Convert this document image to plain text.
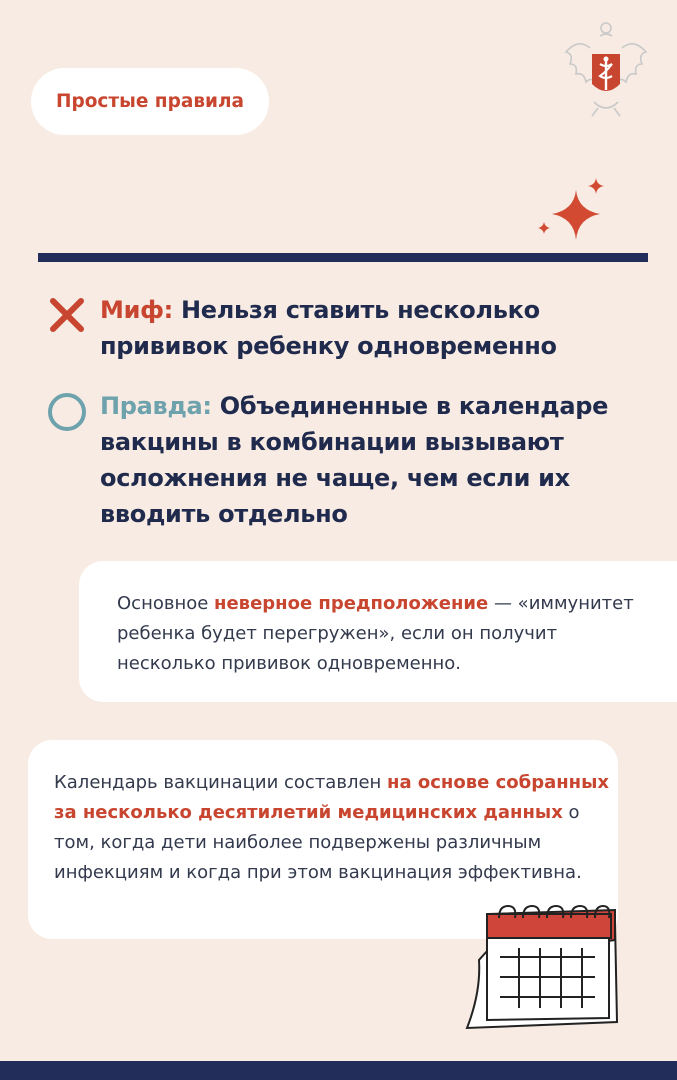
Простые правила
Миф: Нельзя ставить несколько прививок ребенку одновременно
Правда: Объединенные в календаре вакцины в комбинации вызывают осложнения не чаще, чем если их вводить отдельно
Основное неверное предположение — «иммунитет ребенка будет перегружен», если он получит несколько прививок одновременно.
Календарь вакцинации составлен на основе собранных за несколько десятилетий медицинских данных о том, когда дети наиболее подвержены различным инфекциям и когда при этом вакцинация эффективна.
